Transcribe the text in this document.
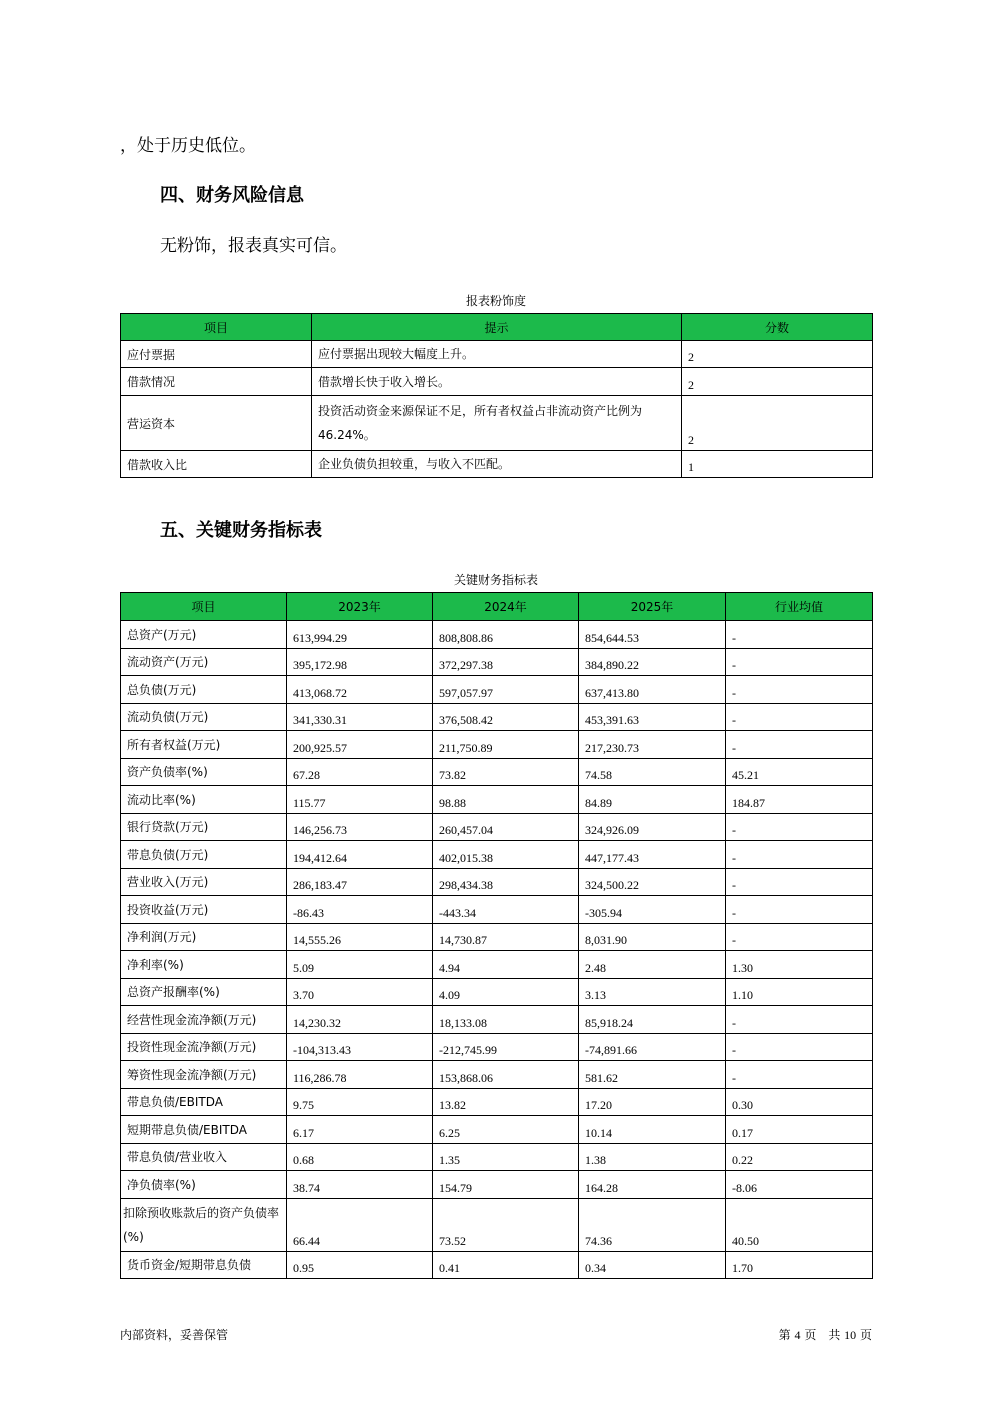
，处于历史低位。
四、财务风险信息
无粉饰，报表真实可信。
报表粉饰度
项目	提示	分数
应付票据	应付票据出现较大幅度上升。	2
借款情况	借款增长快于收入增长。	2
营运资本	投资活动资金来源保证不足，所有者权益占非流动资产比例为46.24%。	2
借款收入比	企业负债负担较重，与收入不匹配。	1
五、关键财务指标表
关键财务指标表
项目	2023年	2024年	2025年	行业均值
总资产(万元)	613,994.29	808,808.86	854,644.53	-
流动资产(万元)	395,172.98	372,297.38	384,890.22	-
总负债(万元)	413,068.72	597,057.97	637,413.80	-
流动负债(万元)	341,330.31	376,508.42	453,391.63	-
所有者权益(万元)	200,925.57	211,750.89	217,230.73	-
资产负债率(%)	67.28	73.82	74.58	45.21
流动比率(%)	115.77	98.88	84.89	184.87
银行贷款(万元)	146,256.73	260,457.04	324,926.09	-
带息负债(万元)	194,412.64	402,015.38	447,177.43	-
营业收入(万元)	286,183.47	298,434.38	324,500.22	-
投资收益(万元)	-86.43	-443.34	-305.94	-
净利润(万元)	14,555.26	14,730.87	8,031.90	-
净利率(%)	5.09	4.94	2.48	1.30
总资产报酬率(%)	3.70	4.09	3.13	1.10
经营性现金流净额(万元)	14,230.32	18,133.08	85,918.24	-
投资性现金流净额(万元)	-104,313.43	-212,745.99	-74,891.66	-
筹资性现金流净额(万元)	116,286.78	153,868.06	581.62	-
带息负债/EBITDA	9.75	13.82	17.20	0.30
短期带息负债/EBITDA	6.17	6.25	10.14	0.17
带息负债/营业收入	0.68	1.35	1.38	0.22
净负债率(%)	38.74	154.79	164.28	-8.06
扣除预收账款后的资产负债率(%)	66.44	73.52	74.36	40.50
货币资金/短期带息负债	0.95	0.41	0.34	1.70
内部资料，妥善保管	第 4 页　共 10 页
